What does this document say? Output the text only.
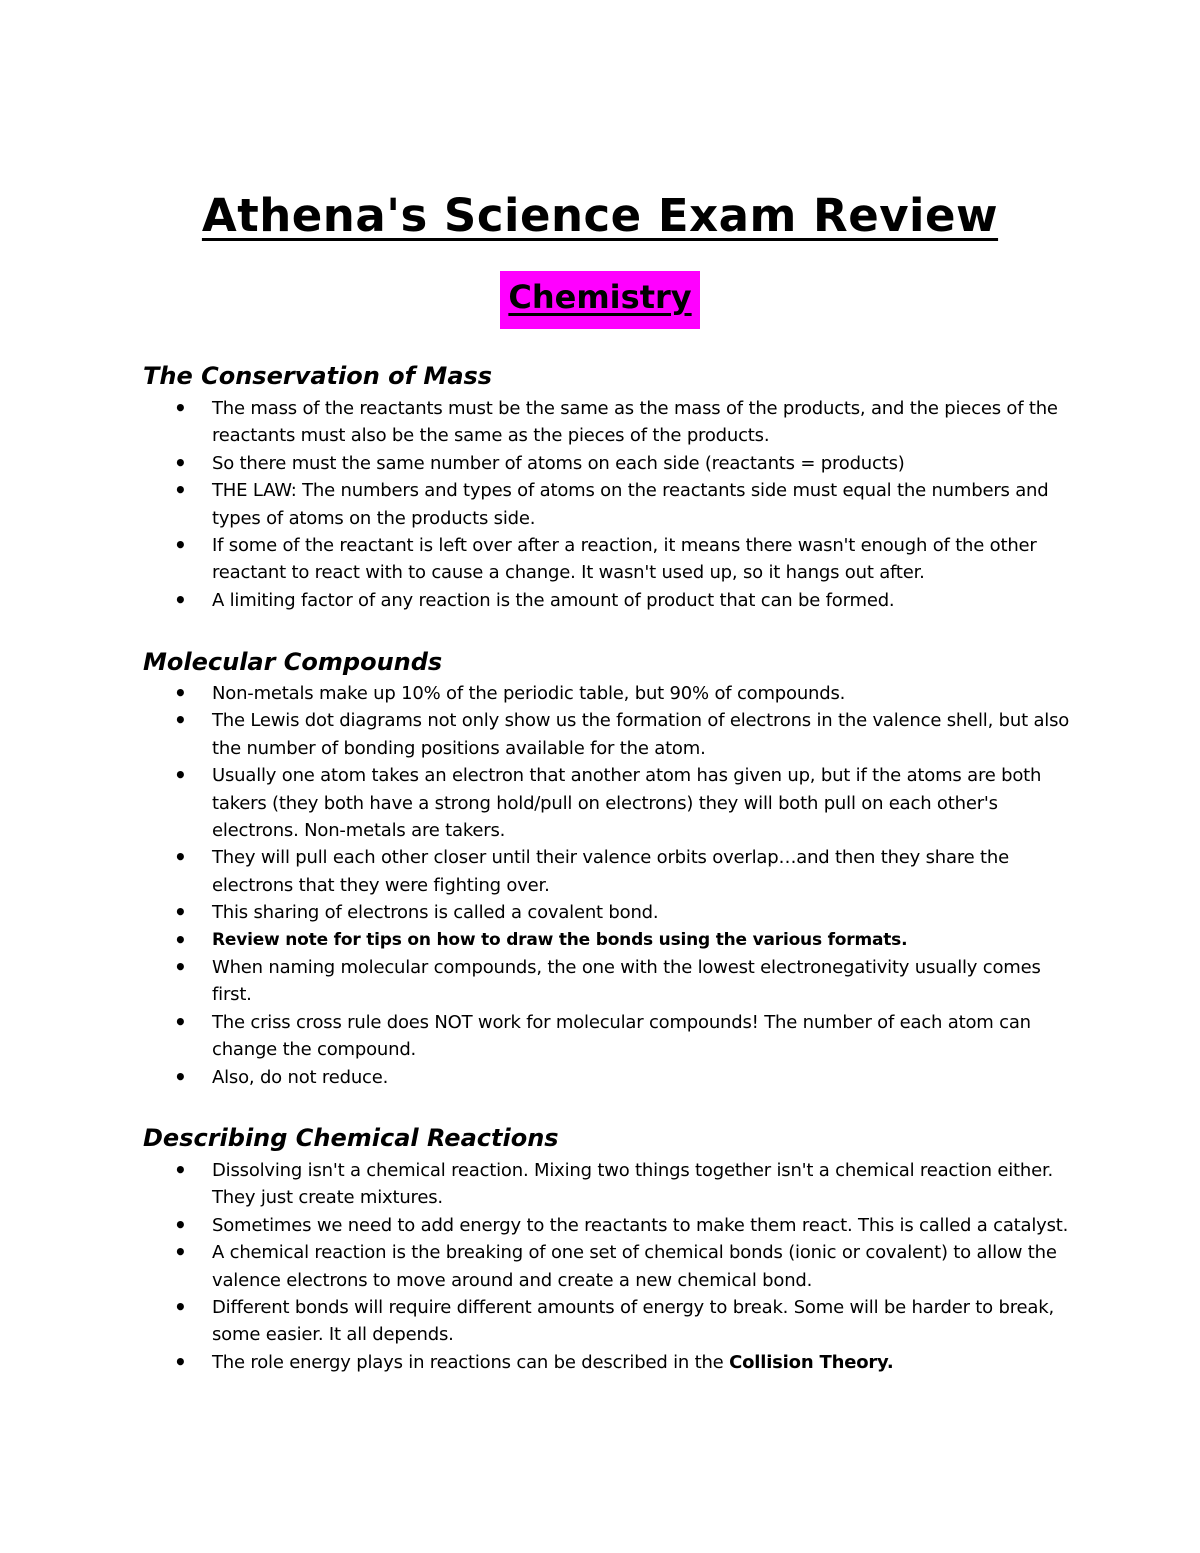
Athena's Science Exam Review
Chemistry
The Conservation of Mass
• The mass of the reactants must be the same as the mass of the products, and the pieces of the reactants must also be the same as the pieces of the products.
• So there must the same number of atoms on each side (reactants = products)
• THE LAW: The numbers and types of atoms on the reactants side must equal the numbers and types of atoms on the products side.
• If some of the reactant is left over after a reaction, it means there wasn't enough of the other reactant to react with to cause a change. It wasn't used up, so it hangs out after.
• A limiting factor of any reaction is the amount of product that can be formed.
Molecular Compounds
• Non-metals make up 10% of the periodic table, but 90% of compounds.
• The Lewis dot diagrams not only show us the formation of electrons in the valence shell, but also the number of bonding positions available for the atom.
• Usually one atom takes an electron that another atom has given up, but if the atoms are both takers (they both have a strong hold/pull on electrons) they will both pull on each other's electrons. Non-metals are takers.
• They will pull each other closer until their valence orbits overlap…and then they share the electrons that they were fighting over.
• This sharing of electrons is called a covalent bond.
• Review note for tips on how to draw the bonds using the various formats.
• When naming molecular compounds, the one with the lowest electronegativity usually comes first.
• The criss cross rule does NOT work for molecular compounds! The number of each atom can change the compound.
• Also, do not reduce.
Describing Chemical Reactions
• Dissolving isn't a chemical reaction. Mixing two things together isn't a chemical reaction either. They just create mixtures.
• Sometimes we need to add energy to the reactants to make them react. This is called a catalyst.
• A chemical reaction is the breaking of one set of chemical bonds (ionic or covalent) to allow the valence electrons to move around and create a new chemical bond.
• Different bonds will require different amounts of energy to break. Some will be harder to break, some easier. It all depends.
• The role energy plays in reactions can be described in the Collision Theory.
